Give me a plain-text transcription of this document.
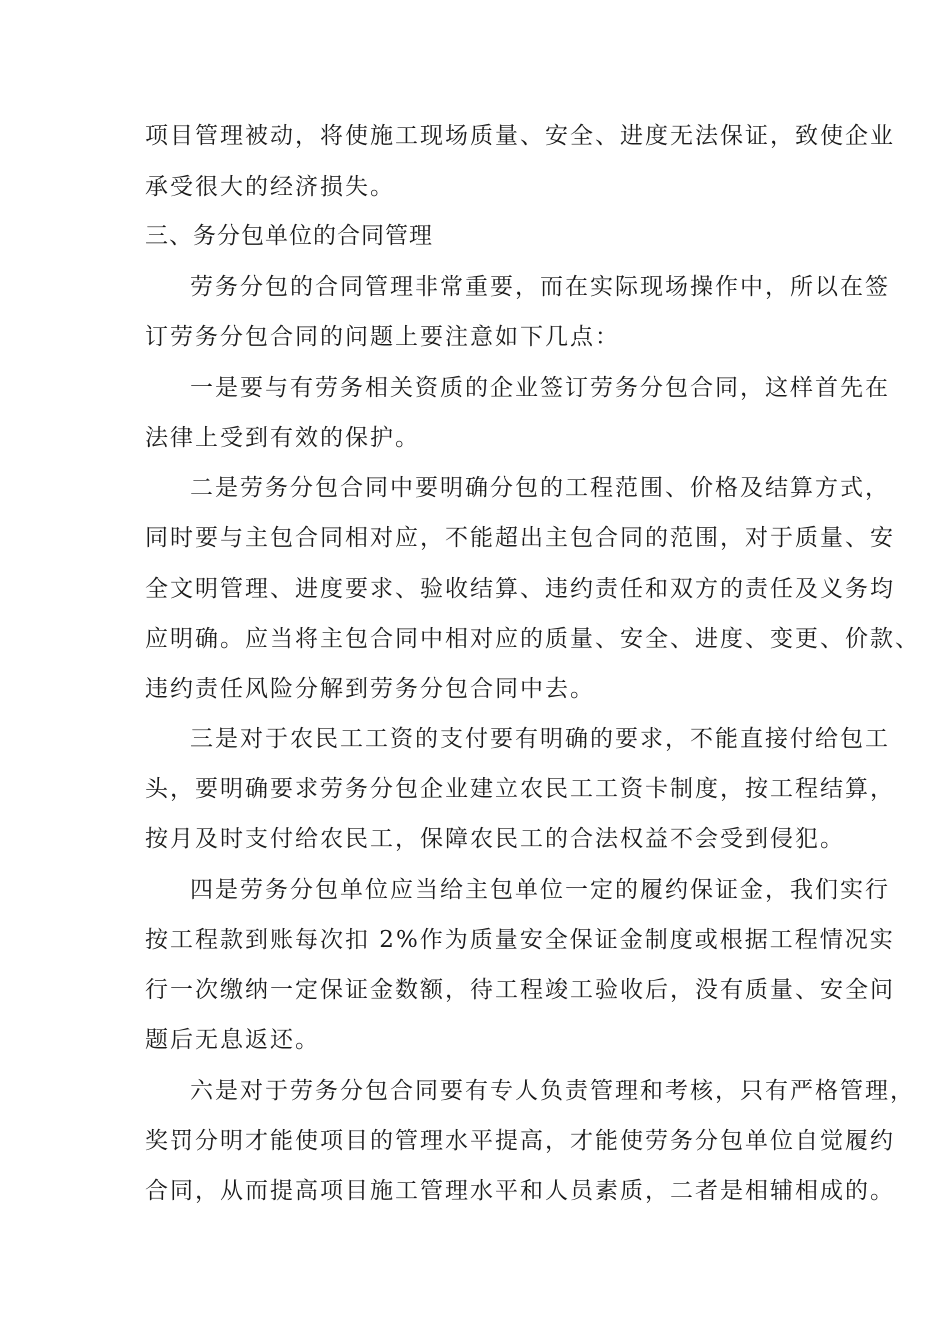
项目管理被动，将使施工现场质量、安全、进度无法保证，致使企业
承受很大的经济损失。
三、务分包单位的合同管理
劳务分包的合同管理非常重要，而在实际现场操作中，所以在签
订劳务分包合同的问题上要注意如下几点：
一是要与有劳务相关资质的企业签订劳务分包合同，这样首先在
法律上受到有效的保护。
二是劳务分包合同中要明确分包的工程范围、价格及结算方式，
同时要与主包合同相对应，不能超出主包合同的范围，对于质量、安
全文明管理、进度要求、验收结算、违约责任和双方的责任及义务均
应明确。应当将主包合同中相对应的质量、安全、进度、变更、价款、
违约责任风险分解到劳务分包合同中去。
三是对于农民工工资的支付要有明确的要求，不能直接付给包工
头，要明确要求劳务分包企业建立农民工工资卡制度，按工程结算，
按月及时支付给农民工，保障农民工的合法权益不会受到侵犯。
四是劳务分包单位应当给主包单位一定的履约保证金，我们实行
按工程款到账每次扣 2%作为质量安全保证金制度或根据工程情况实
行一次缴纳一定保证金数额，待工程竣工验收后，没有质量、安全问
题后无息返还。
六是对于劳务分包合同要有专人负责管理和考核，只有严格管理，
奖罚分明才能使项目的管理水平提高，才能使劳务分包单位自觉履约
合同，从而提高项目施工管理水平和人员素质，二者是相辅相成的。
